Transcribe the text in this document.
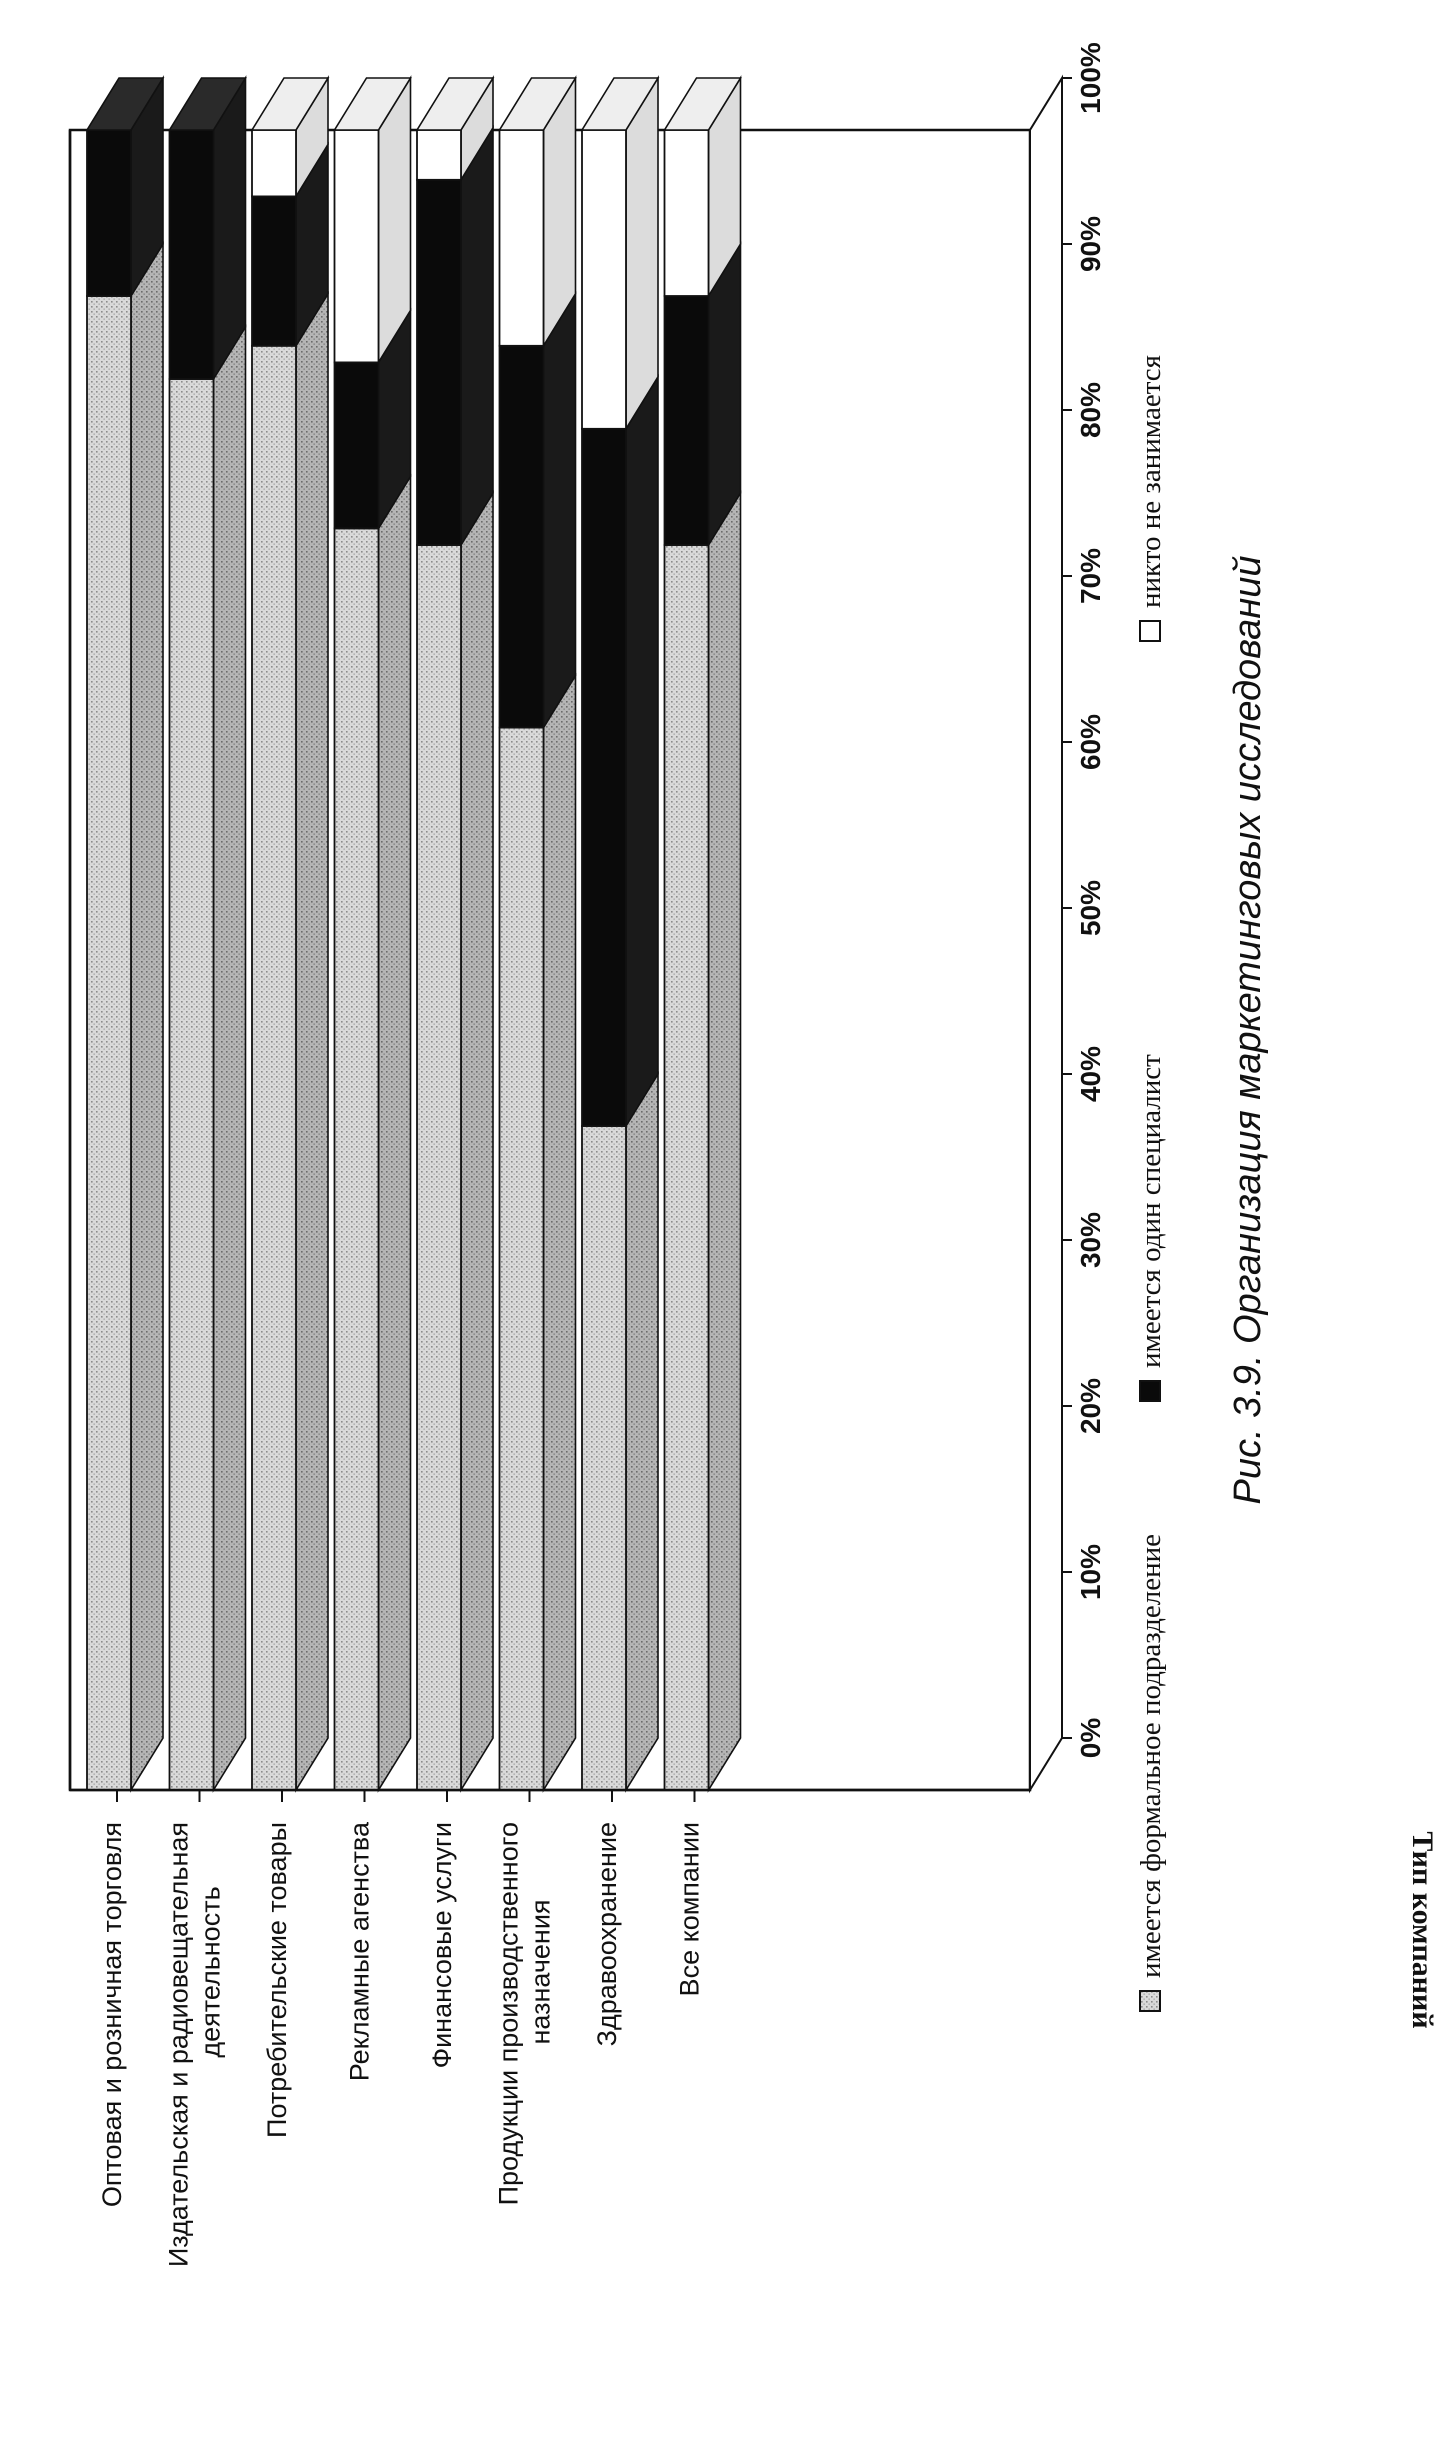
0%
10%
20%
30%
40%
50%
60%
70%
80%
90%
100%
Оптовая и розничная торговля Издательская и радиовещательнаядеятельность Потребительские товары Рекламные агенства Финансовые услуги Продукции производственногоназначения Здравоохранение Все компании	Тип компаний
имеется формальное подразделение
имеется один специалист
никто не занимается
Рис. 3.9. Организация маркетинговых исследований
